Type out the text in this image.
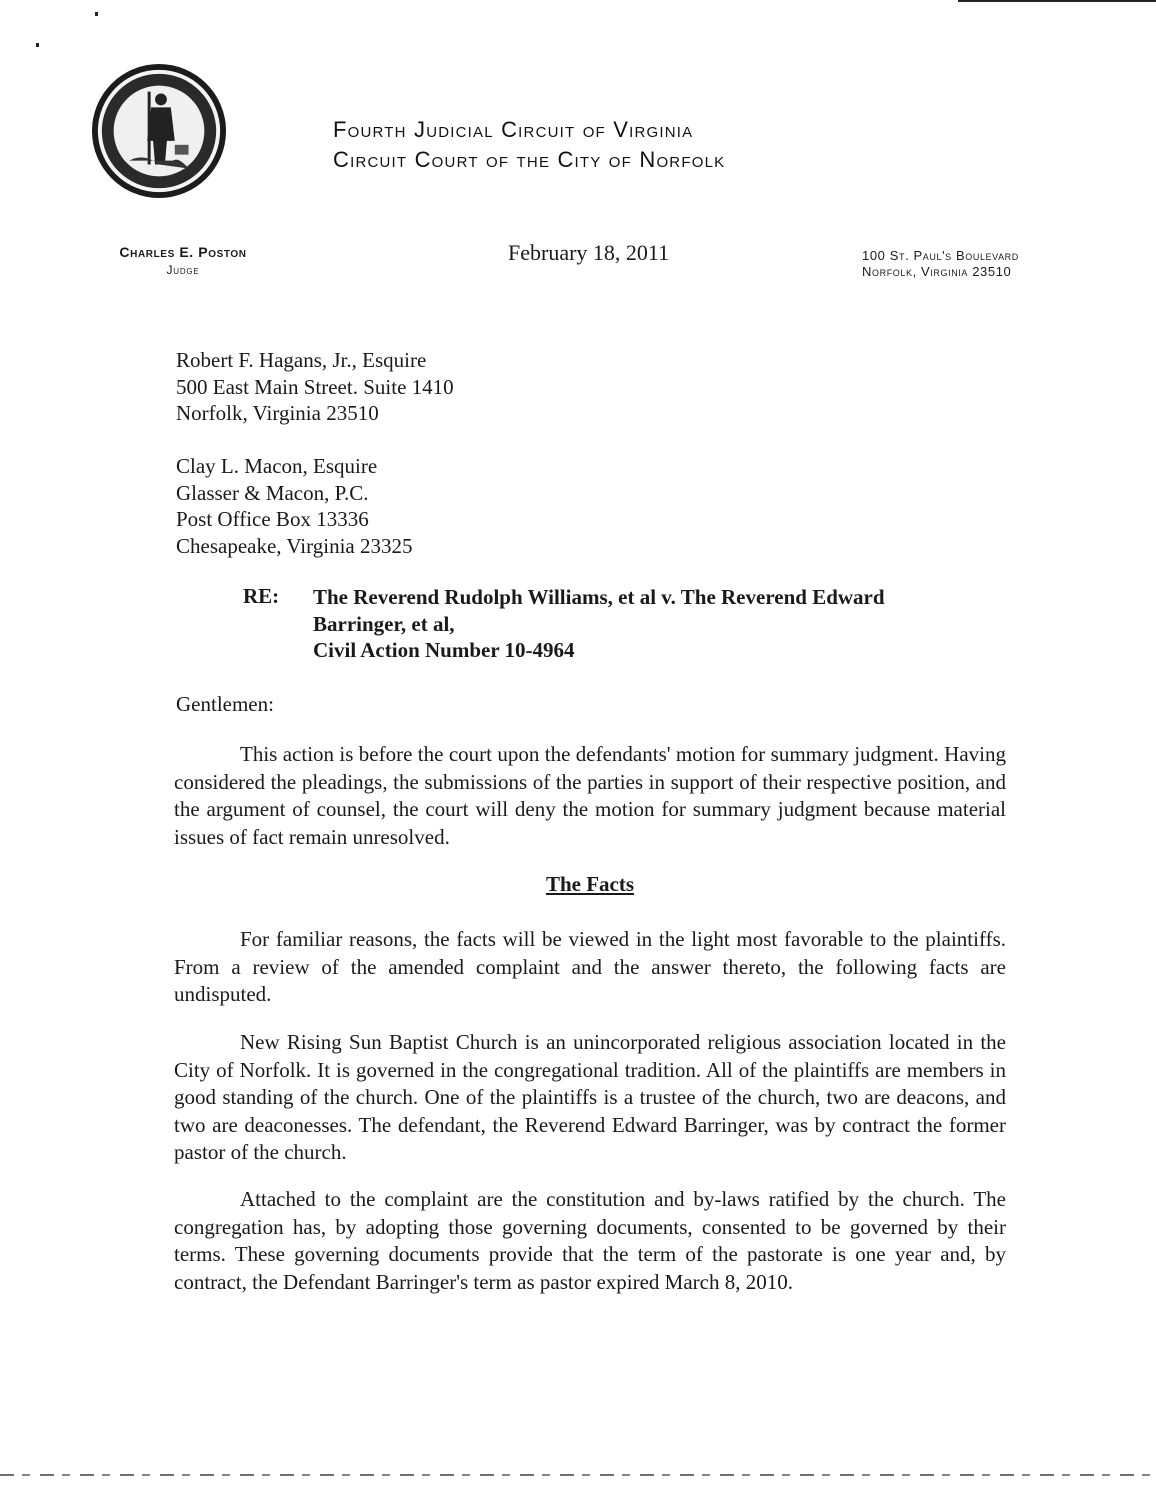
Fourth Judicial Circuit of Virginia
Circuit Court of the City of Norfolk
Charles E. Poston
Judge
February 18, 2011	100 St. Paul's Boulevard
Norfolk, Virginia 23510
Robert F. Hagans, Jr., Esquire
500 East Main Street. Suite 1410
Norfolk, Virginia 23510
Clay L. Macon, Esquire
Glasser & Macon, P.C.
Post Office Box 13336
Chesapeake, Virginia 23325
RE: The Reverend Rudolph Williams, et al v. The Reverend Edward
Barringer, et al,
Civil Action Number 10-4964
Gentlemen:

This action is before the court upon the defendants' motion for summary judgment. Having considered the pleadings, the submissions of the parties in support of their respective position, and the argument of counsel, the court will deny the motion for summary judgment because material issues of fact remain unresolved.

The Facts

For familiar reasons, the facts will be viewed in the light most favorable to the plaintiffs. From a review of the amended complaint and the answer thereto, the following facts are undisputed.

New Rising Sun Baptist Church is an unincorporated religious association located in the City of Norfolk. It is governed in the congregational tradition. All of the plaintiffs are members in good standing of the church. One of the plaintiffs is a trustee of the church, two are deacons, and two are deaconesses. The defendant, the Reverend Edward Barringer, was by contract the former pastor of the church.

Attached to the complaint are the constitution and by-laws ratified by the church. The congregation has, by adopting those governing documents, consented to be governed by their terms. These governing documents provide that the term of the pastorate is one year and, by contract, the Defendant Barringer's term as pastor expired March 8, 2010.
